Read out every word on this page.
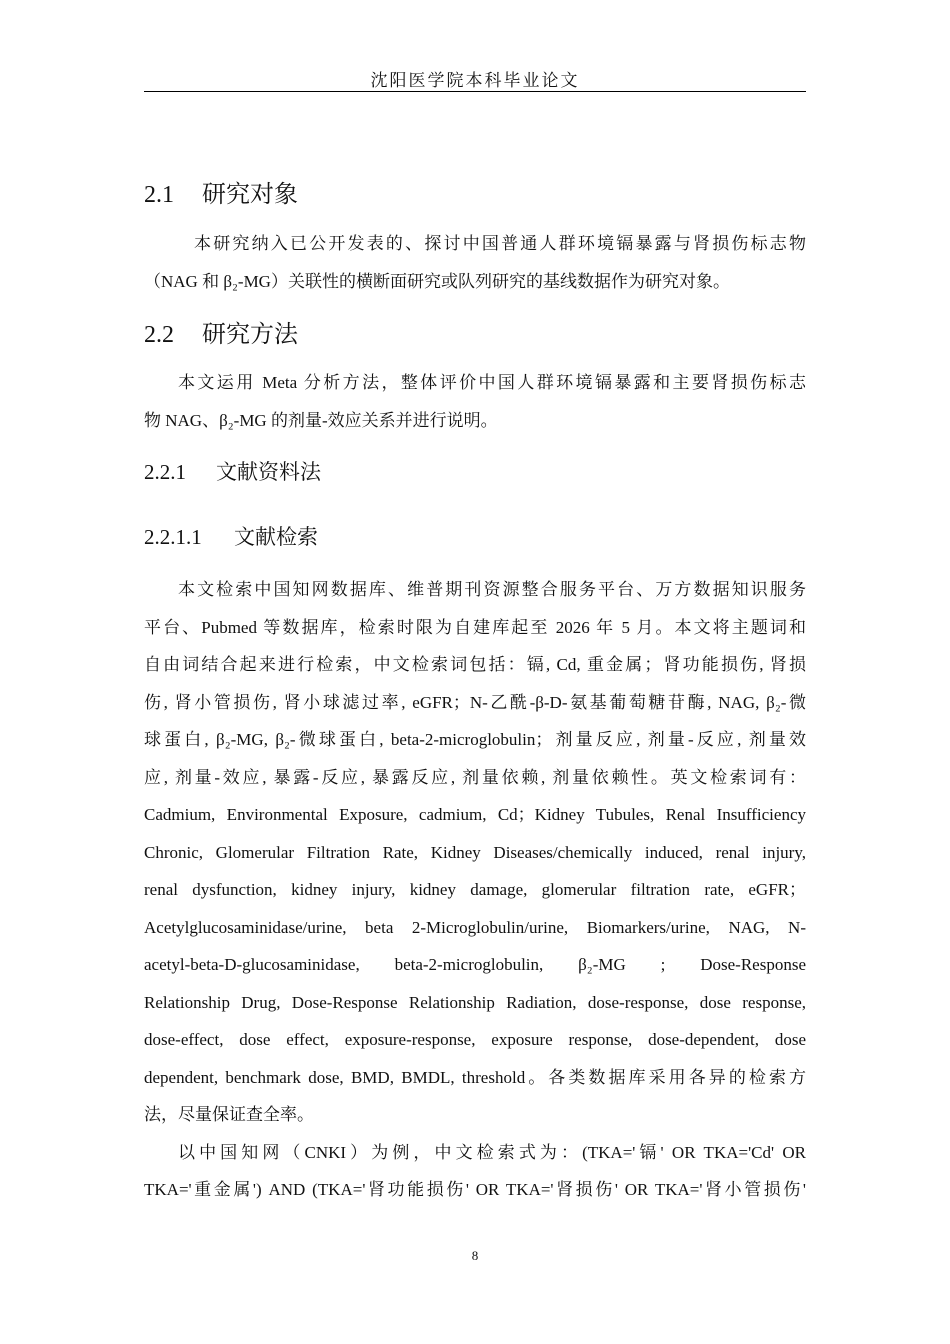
沈阳医学院本科毕业论文
2.1 研究对象
本研究纳入已公开发表的、探讨中国普通人群环境镉暴露与肾损伤标志物
（NAG 和 β₂-MG）关联性的横断面研究或队列研究的基线数据作为研究对象。
2.2 研究方法
本文运用 Meta 分析方法，整体评价中国人群环境镉暴露和主要肾损伤标志
物 NAG、β₂-MG 的剂量-效应关系并进行说明。
2.2.1 文献资料法
2.2.1.1 文献检索
本文检索中国知网数据库、维普期刊资源整合服务平台、万方数据知识服务
平台、Pubmed 等数据库，检索时限为自建库起至 2026 年 5 月。本文将主题词和
自由词结合起来进行检索，中文检索词包括：镉, Cd, 重金属；肾功能损伤, 肾损
伤, 肾小管损伤, 肾小球滤过率, eGFR；N-乙酰-β-D-氨基葡萄糖苷酶, NAG, β₂-微
球蛋白, β₂-MG, β₂-微球蛋白, beta-2-microglobulin；剂量反应, 剂量-反应, 剂量效
应, 剂量-效应, 暴露-反应, 暴露反应, 剂量依赖, 剂量依赖性。英文检索词有：
Cadmium, Environmental Exposure, cadmium, Cd；Kidney Tubules, Renal Insufficiency
Chronic, Glomerular Filtration Rate, Kidney Diseases/chemically induced, renal injury,
renal dysfunction, kidney injury, kidney damage, glomerular filtration rate, eGFR；
Acetylglucosaminidase/urine, beta 2-Microglobulin/urine, Biomarkers/urine, NAG, N-
acetyl-beta-D-glucosaminidase, beta-2-microglobulin, β₂-MG ; Dose-Response
Relationship Drug, Dose-Response Relationship Radiation, dose-response, dose response,
dose-effect, dose effect, exposure-response, exposure response, dose-dependent, dose
dependent, benchmark dose, BMD, BMDL, threshold。各类数据库采用各异的检索方
法，尽量保证查全率。
以中国知网（CNKI）为例，中文检索式为：(TKA='镉' OR TKA='Cd' OR
TKA='重金属') AND (TKA='肾功能损伤' OR TKA='肾损伤' OR TKA='肾小管损伤'
8
